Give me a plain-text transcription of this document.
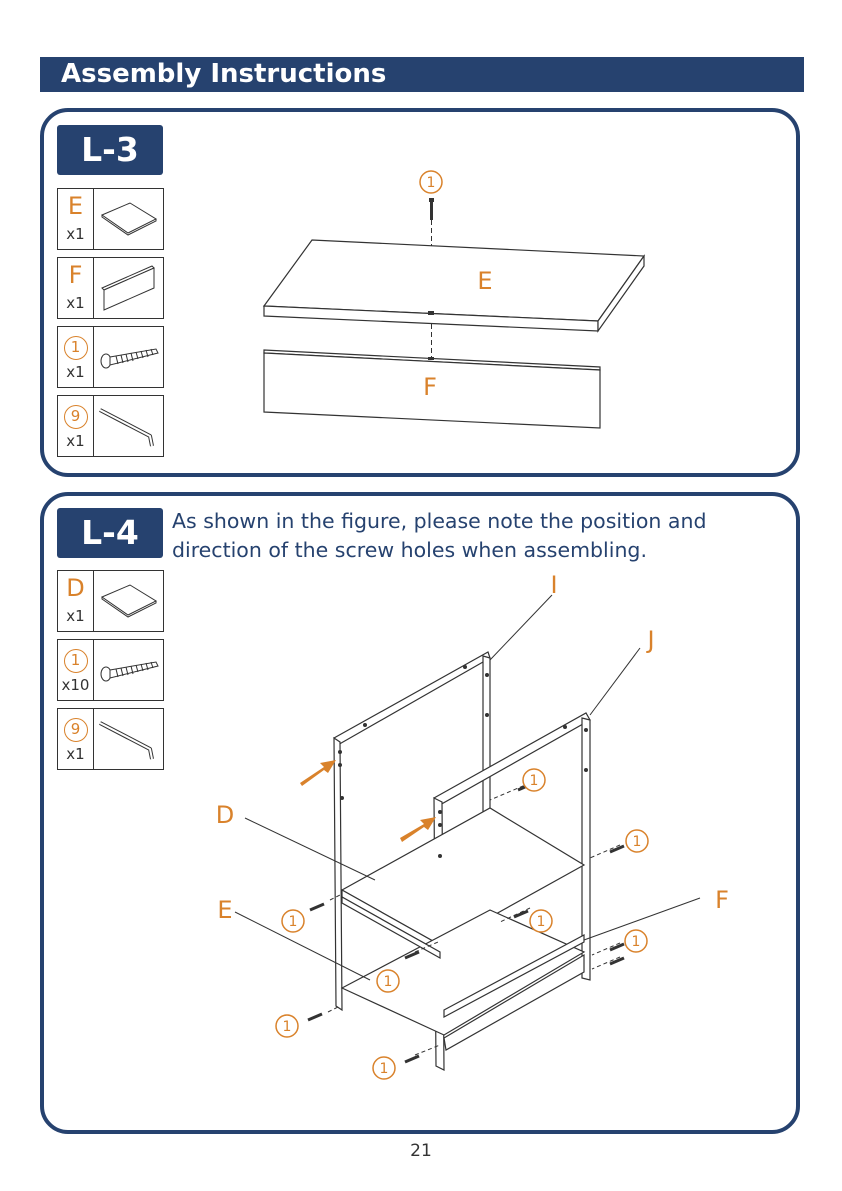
Assembly Instructions
L-3
E
x1
F
x1
1
x1
9
x1
1
E
F
L-4	As shown in the figure, please note the position and direction of the screw holes when assembling.
D
x1
1
x10
9
x1
1
1
1	1
1
1
1
1
I
J
D
E	F
21
